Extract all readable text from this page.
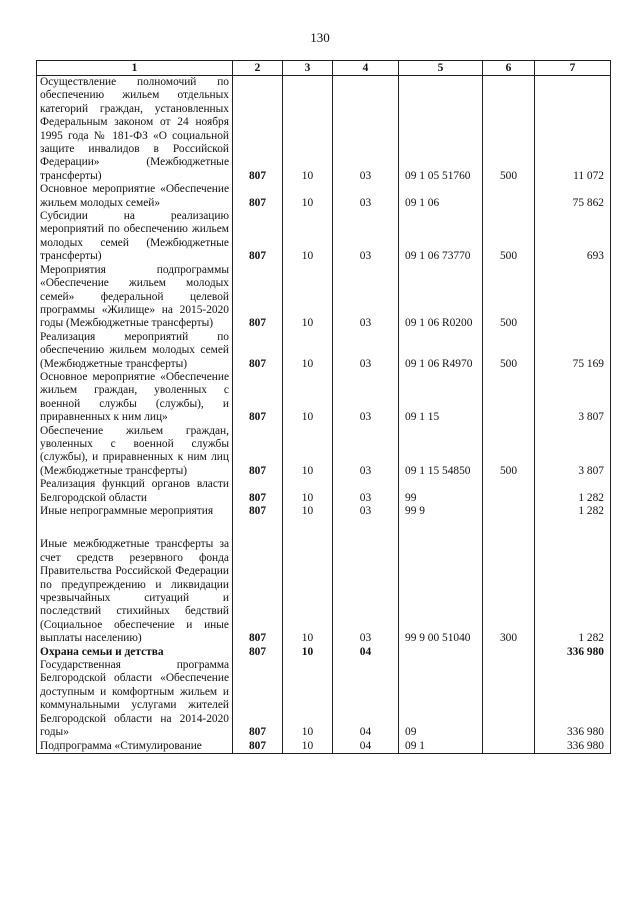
130
1	2	3	4	5	6	7
Осуществление полномочий по обеспечению жильем отдельных категорий граждан, установленных Федеральным законом от 24 ноября 1995 года № 181-ФЗ «О социальной защите инвалидов в Российской Федерации» (Межбюджетные трансферты)	807	10	03	09 1 05 51760	500	11 072
Основное мероприятие «Обеспечение жильем молодых семей»	807	10	03	09 1 06		75 862
Субсидии на реализацию мероприятий по обеспечению жильем молодых семей (Межбюджетные трансферты)	807	10	03	09 1 06 73770	500	693
Мероприятия подпрограммы «Обеспечение жильем молодых семей» федеральной целевой программы «Жилище» на 2015-2020 годы (Межбюджетные трансферты)	807	10	03	09 1 06 R0200	500	
Реализация мероприятий по обеспечению жильем молодых семей (Межбюджетные трансферты)	807	10	03	09 1 06 R4970	500	75 169
Основное мероприятие «Обеспечение жильем граждан, уволенных с военной службы (службы), и приравненных к ним лиц»	807	10	03	09 1 15		3 807
Обеспечение жильем граждан, уволенных с военной службы (службы), и приравненных к ним лиц (Межбюджетные трансферты)	807	10	03	09 1 15 54850	500	3 807
Реализация функций органов власти Белгородской области	807	10	03	99		1 282
Иные непрограммные мероприятия	807	10	03	99 9		1 282
Иные межбюджетные трансферты за счет средств резервного фонда Правительства Российской Федерации по предупреждению и ликвидации чрезвычайных ситуаций и последствий стихийных бедствий (Социальное обеспечение и иные выплаты населению)	807	10	03	99 9 00 51040	300	1 282
Охрана семьи и детства	807	10	04			336 980
Государственная программа Белгородской области «Обеспечение доступным и комфортным жильем и коммунальными услугами жителей Белгородской области на 2014-2020 годы»	807	10	04	09		336 980
Подпрограмма «Стимулирование	807	10	04	09 1		336 980
